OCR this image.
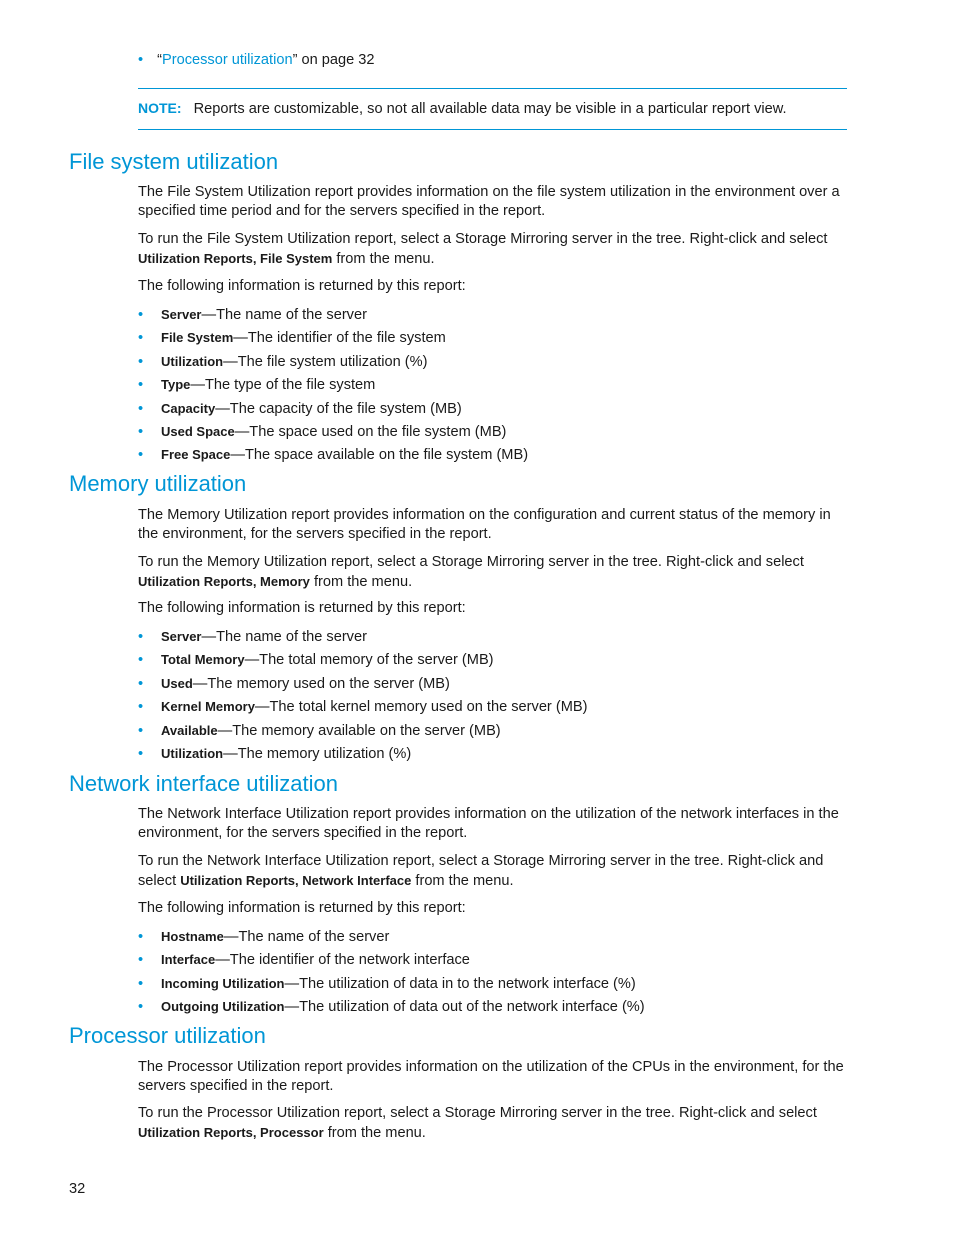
• “Processor utilization” on page 32
NOTE: Reports are customizable, so not all available data may be visible in a particular report view.
File system utilization

The File System Utilization report provides information on the file system utilization in the environment over a specified time period and for the servers specified in the report.

To run the File System Utilization report, select a Storage Mirroring server in the tree. Right-click and select Utilization Reports, File System from the menu.

The following information is returned by this report:

• Server—The name of the server
• File System—The identifier of the file system
• Utilization—The file system utilization (%)
• Type—The type of the file system
• Capacity—The capacity of the file system (MB)
• Used Space—The space used on the file system (MB)
• Free Space—The space available on the file system (MB)
Memory utilization

The Memory Utilization report provides information on the configuration and current status of the memory in the environment, for the servers specified in the report.

To run the Memory Utilization report, select a Storage Mirroring server in the tree. Right-click and select Utilization Reports, Memory from the menu.

The following information is returned by this report:

• Server—The name of the server
• Total Memory—The total memory of the server (MB)
• Used—The memory used on the server (MB)
• Kernel Memory—The total kernel memory used on the server (MB)
• Available—The memory available on the server (MB)
• Utilization—The memory utilization (%)
Network interface utilization

The Network Interface Utilization report provides information on the utilization of the network interfaces in the environment, for the servers specified in the report.

To run the Network Interface Utilization report, select a Storage Mirroring server in the tree. Right-click and select Utilization Reports, Network Interface from the menu.

The following information is returned by this report:

• Hostname—The name of the server
• Interface—The identifier of the network interface
• Incoming Utilization—The utilization of data in to the network interface (%)
• Outgoing Utilization—The utilization of data out of the network interface (%)
Processor utilization

The Processor Utilization report provides information on the utilization of the CPUs in the environment, for the servers specified in the report.

To run the Processor Utilization report, select a Storage Mirroring server in the tree. Right-click and select Utilization Reports, Processor from the menu.

32
